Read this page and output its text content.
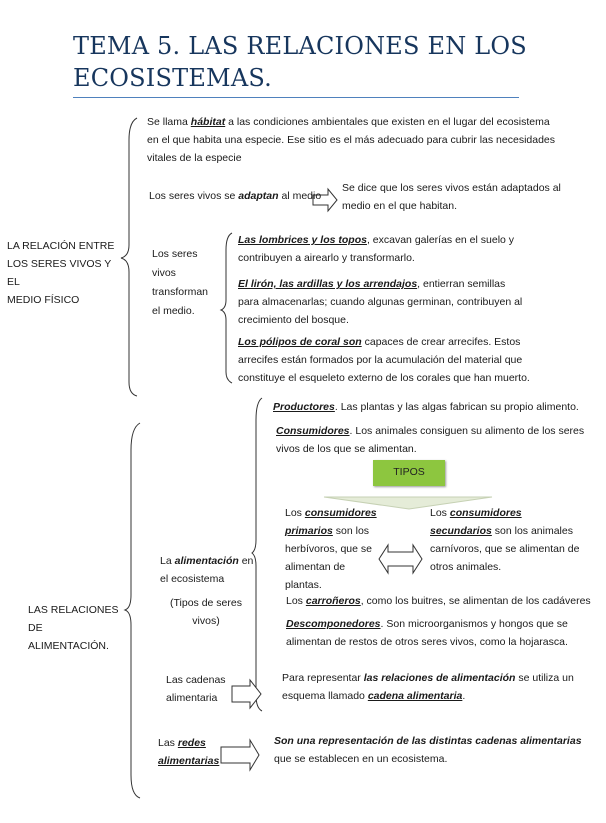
TEMA 5. LAS RELACIONES EN LOS
ECOSISTEMAS.
TIPOS
LA RELACIÓN ENTRE
LOS SERES VIVOS Y EL
MEDIO FÍSICO
Se llama hábitat a las condiciones ambientales que existen en el lugar del ecosistema en el que habita una especie. Ese sitio es el más adecuado para cubrir las necesidades vitales de la especie
Los seres vivos se adaptan al medio
Se dice que los seres vivos están adaptados al medio en el que habitan.
Los seres vivos transforman el medio.
Las lombrices y los topos, excavan galerías en el suelo y contribuyen a airearlo y transformarlo.
El lirón, las ardillas y los arrendajos, entierran semillas para almacenarlas; cuando algunas germinan, contribuyen al crecimiento del bosque.
Los pólipos de coral son capaces de crear arrecifes. Estos arrecifes están formados por la acumulación del material que constituye el esqueleto externo de los corales que han muerto.
LAS RELACIONES DE
ALIMENTACIÓN.
La alimentación en el ecosistema
(Tipos de seres vivos)
Productores. Las plantas y las algas fabrican su propio alimento.
Consumidores. Los animales consiguen su alimento de los seres vivos de los que se alimentan.
Los consumidores primarios son los herbívoros, que se alimentan de plantas.
Los consumidores secundarios son los animales carnívoros, que se alimentan de otros animales.
Los carroñeros, como los buitres, se alimentan de los cadáveres
Descomponedores. Son microorganismos y hongos que se alimentan de restos de otros seres vivos, como la hojarasca.
Las cadenas alimentaria
Para representar las relaciones de alimentación se utiliza un esquema llamado cadena alimentaria.
Las redes alimentarias
Son una representación de las distintas cadenas alimentarias que se establecen en un ecosistema.
